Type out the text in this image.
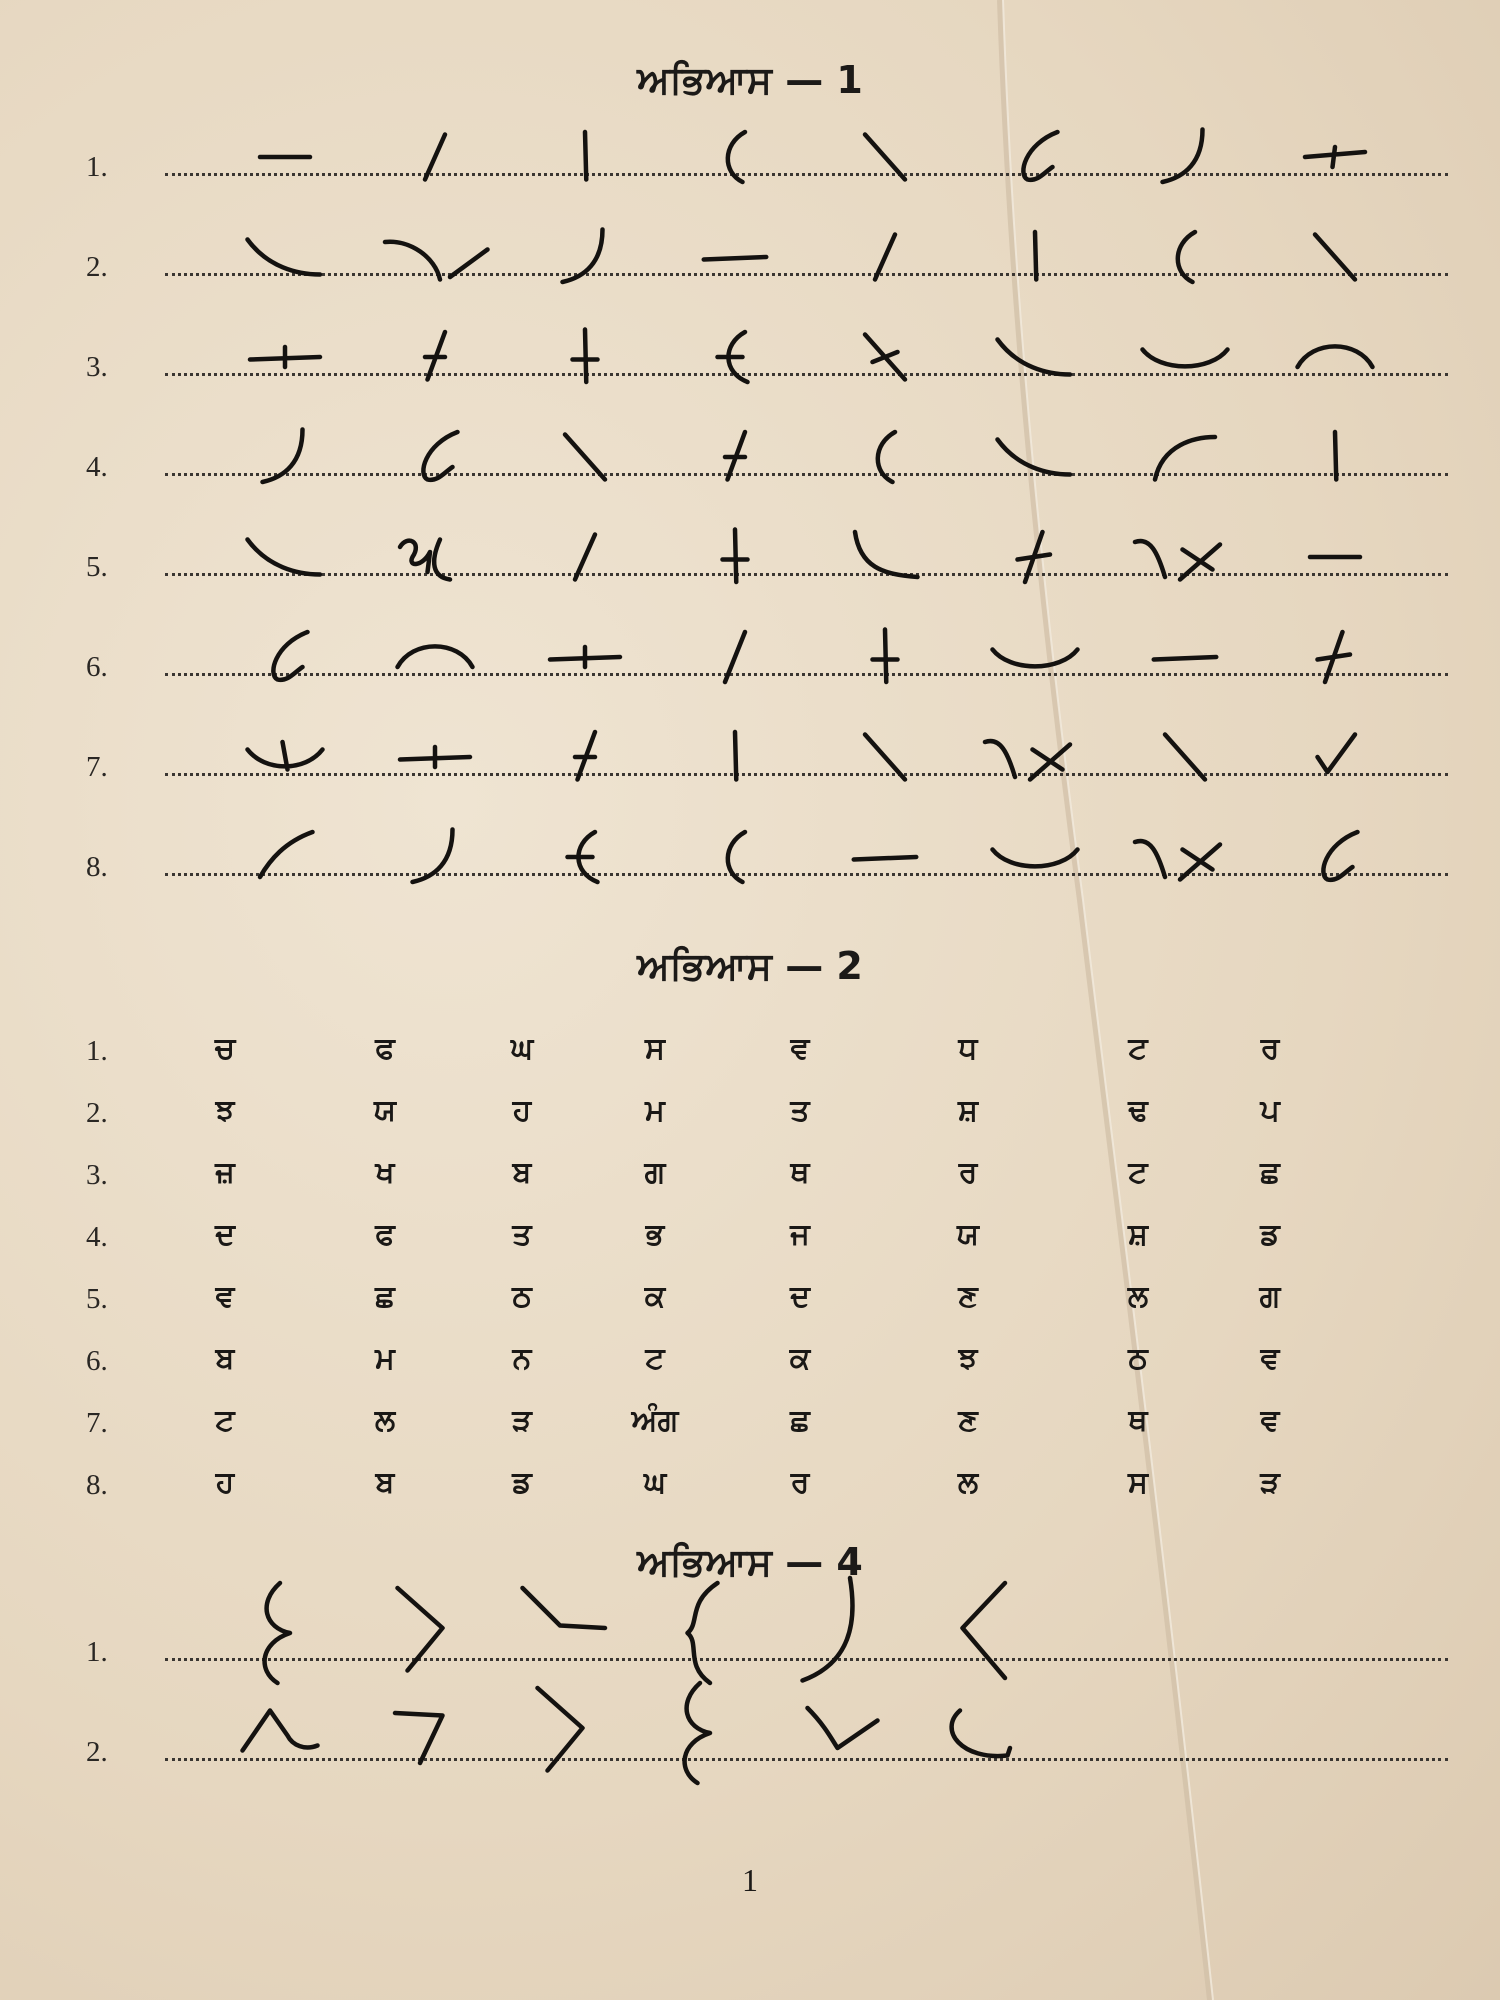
ਅਭਿਆਸ — 1
1.
2.
3.
4.
5.
6.
7.
8.
ਅਭਿਆਸ — 2
1.	ਚ	ਫ	ਘ	ਸ	ਵ	ਧ	ਟ	ਰ
2.	ਝ	ਯ	ਹ	ਮ	ਤ	ਸ਼	ਢ	ਪ
3.	ਜ਼	ਖ	ਬ	ਗ	ਥ	ਰ	ਟ	ਛ
4.	ਦ	ਫ	ਤ	ਭ	ਜ	ਯ	ਸ਼	ਡ
5.	ਵ	ਛ	ਠ	ਕ	ਦ	ਣ	ਲ	ਗ
6.	ਬ	ਮ	ਨ	ਟ	ਕ	ਝ	ਠ	ਵ
7.	ਟ	ਲ	ੜ	ਅੰਗ	ਛ	ਣ	ਥ	ਵ
8.	ਹ	ਬ	ਡ	ਘ	ਰ	ਲ	ਸ	ੜ
ਅਭਿਆਸ — 4
1.
2.
1
